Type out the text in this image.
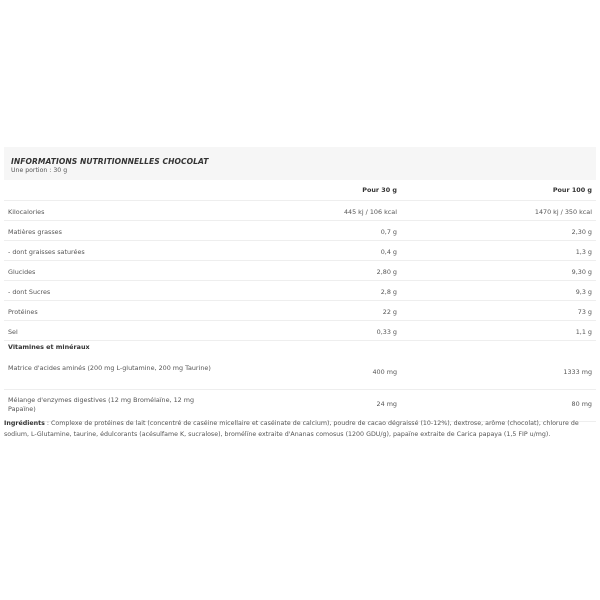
INFORMATIONS NUTRITIONNELLES CHOCOLAT
Une portion : 30 g
Pour 30 g	Pour 100 g
Kilocalories	445 kj / 106 kcal	1470 kj / 350 kcal
Matières grasses	0,7 g	2,30 g
- dont graisses saturées	0,4 g	1,3 g
Glucides	2,80 g	9,30 g
- dont Sucres	2,8 g	9,3 g
Protéines	22 g	73 g
Sel	0,33 g	1,1 g
Vitamines et minéraux
Matrice d'acides aminés (200 mg L-glutamine, 200 mg Taurine)	400 mg	1333 mg
Mélange d'enzymes digestives (12 mg Bromélaïne, 12 mg Papaïne)
24 mg	80 mg
Ingrédients : Complexe de protéines de lait (concentré de caséine micellaire et caséinate de calcium), poudre de cacao dégraissé (10-12%), dextrose, arôme (chocolat), chlorure de sodium, L-Glutamine, taurine, édulcorants (acésulfame K, sucralose), bromélïne extraite d'Ananas comosus (1200 GDU/g), papaïne extraite de Carica papaya (1,5 FIP u/mg).
